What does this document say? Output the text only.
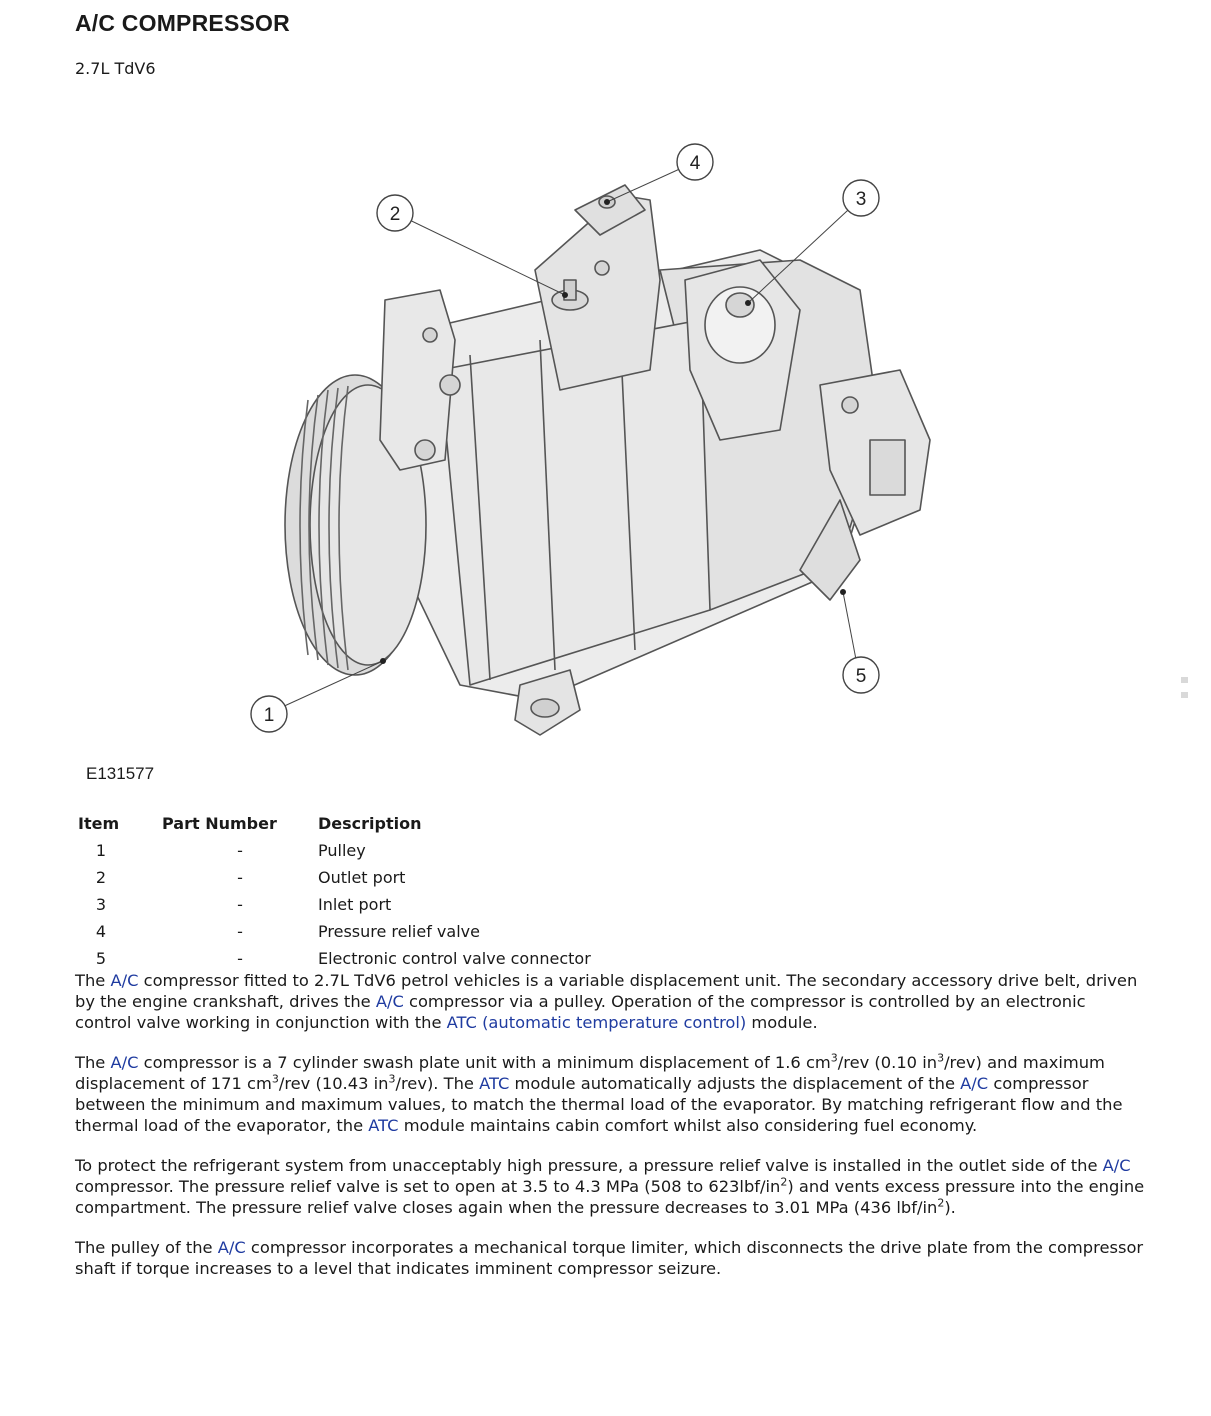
A/C COMPRESSOR
2.7L TdV6
1
2
3
4
5
E131577
Item	Part Number	Description
1	-	Pulley
2	-	Outlet port
3	-	Inlet port
4	-	Pressure relief valve
5	-	Electronic control valve connector

The A/C compressor fitted to 2.7L TdV6 petrol vehicles is a variable displacement unit. The secondary accessory drive belt, driven by the engine crankshaft, drives the A/C compressor via a pulley. Operation of the compressor is controlled by an electronic control valve working in conjunction with the ATC (automatic temperature control) module.

The A/C compressor is a 7 cylinder swash plate unit with a minimum displacement of 1.6 $cm^3$/rev (0.10 $in^3/rev$) and maximum displacement of 171 $cm^3$/rev (10.43 $in^3/rev$). The ATC module automatically adjusts the displacement of the A/C compressor between the minimum and maximum values, to match the thermal load of the evaporator. By matching refrigerant flow and the thermal load of the evaporator, the ATC module maintains cabin comfort whilst also considering fuel economy.

To protect the refrigerant system from unacceptably high pressure, a pressure relief valve is installed in the outlet side of the A/C compressor. The pressure relief valve is set to open at 3.5 to 4.3 MPa (508 to $623lbf/in^2$) and vents excess pressure into the engine compartment. The pressure relief valve closes again when the pressure decreases to 3.01 MPa (436 lbf/$in^2$).

The pulley of the A/C compressor incorporates a mechanical torque limiter, which disconnects the drive plate from the compressor shaft if torque increases to a level that indicates imminent compressor seizure.
